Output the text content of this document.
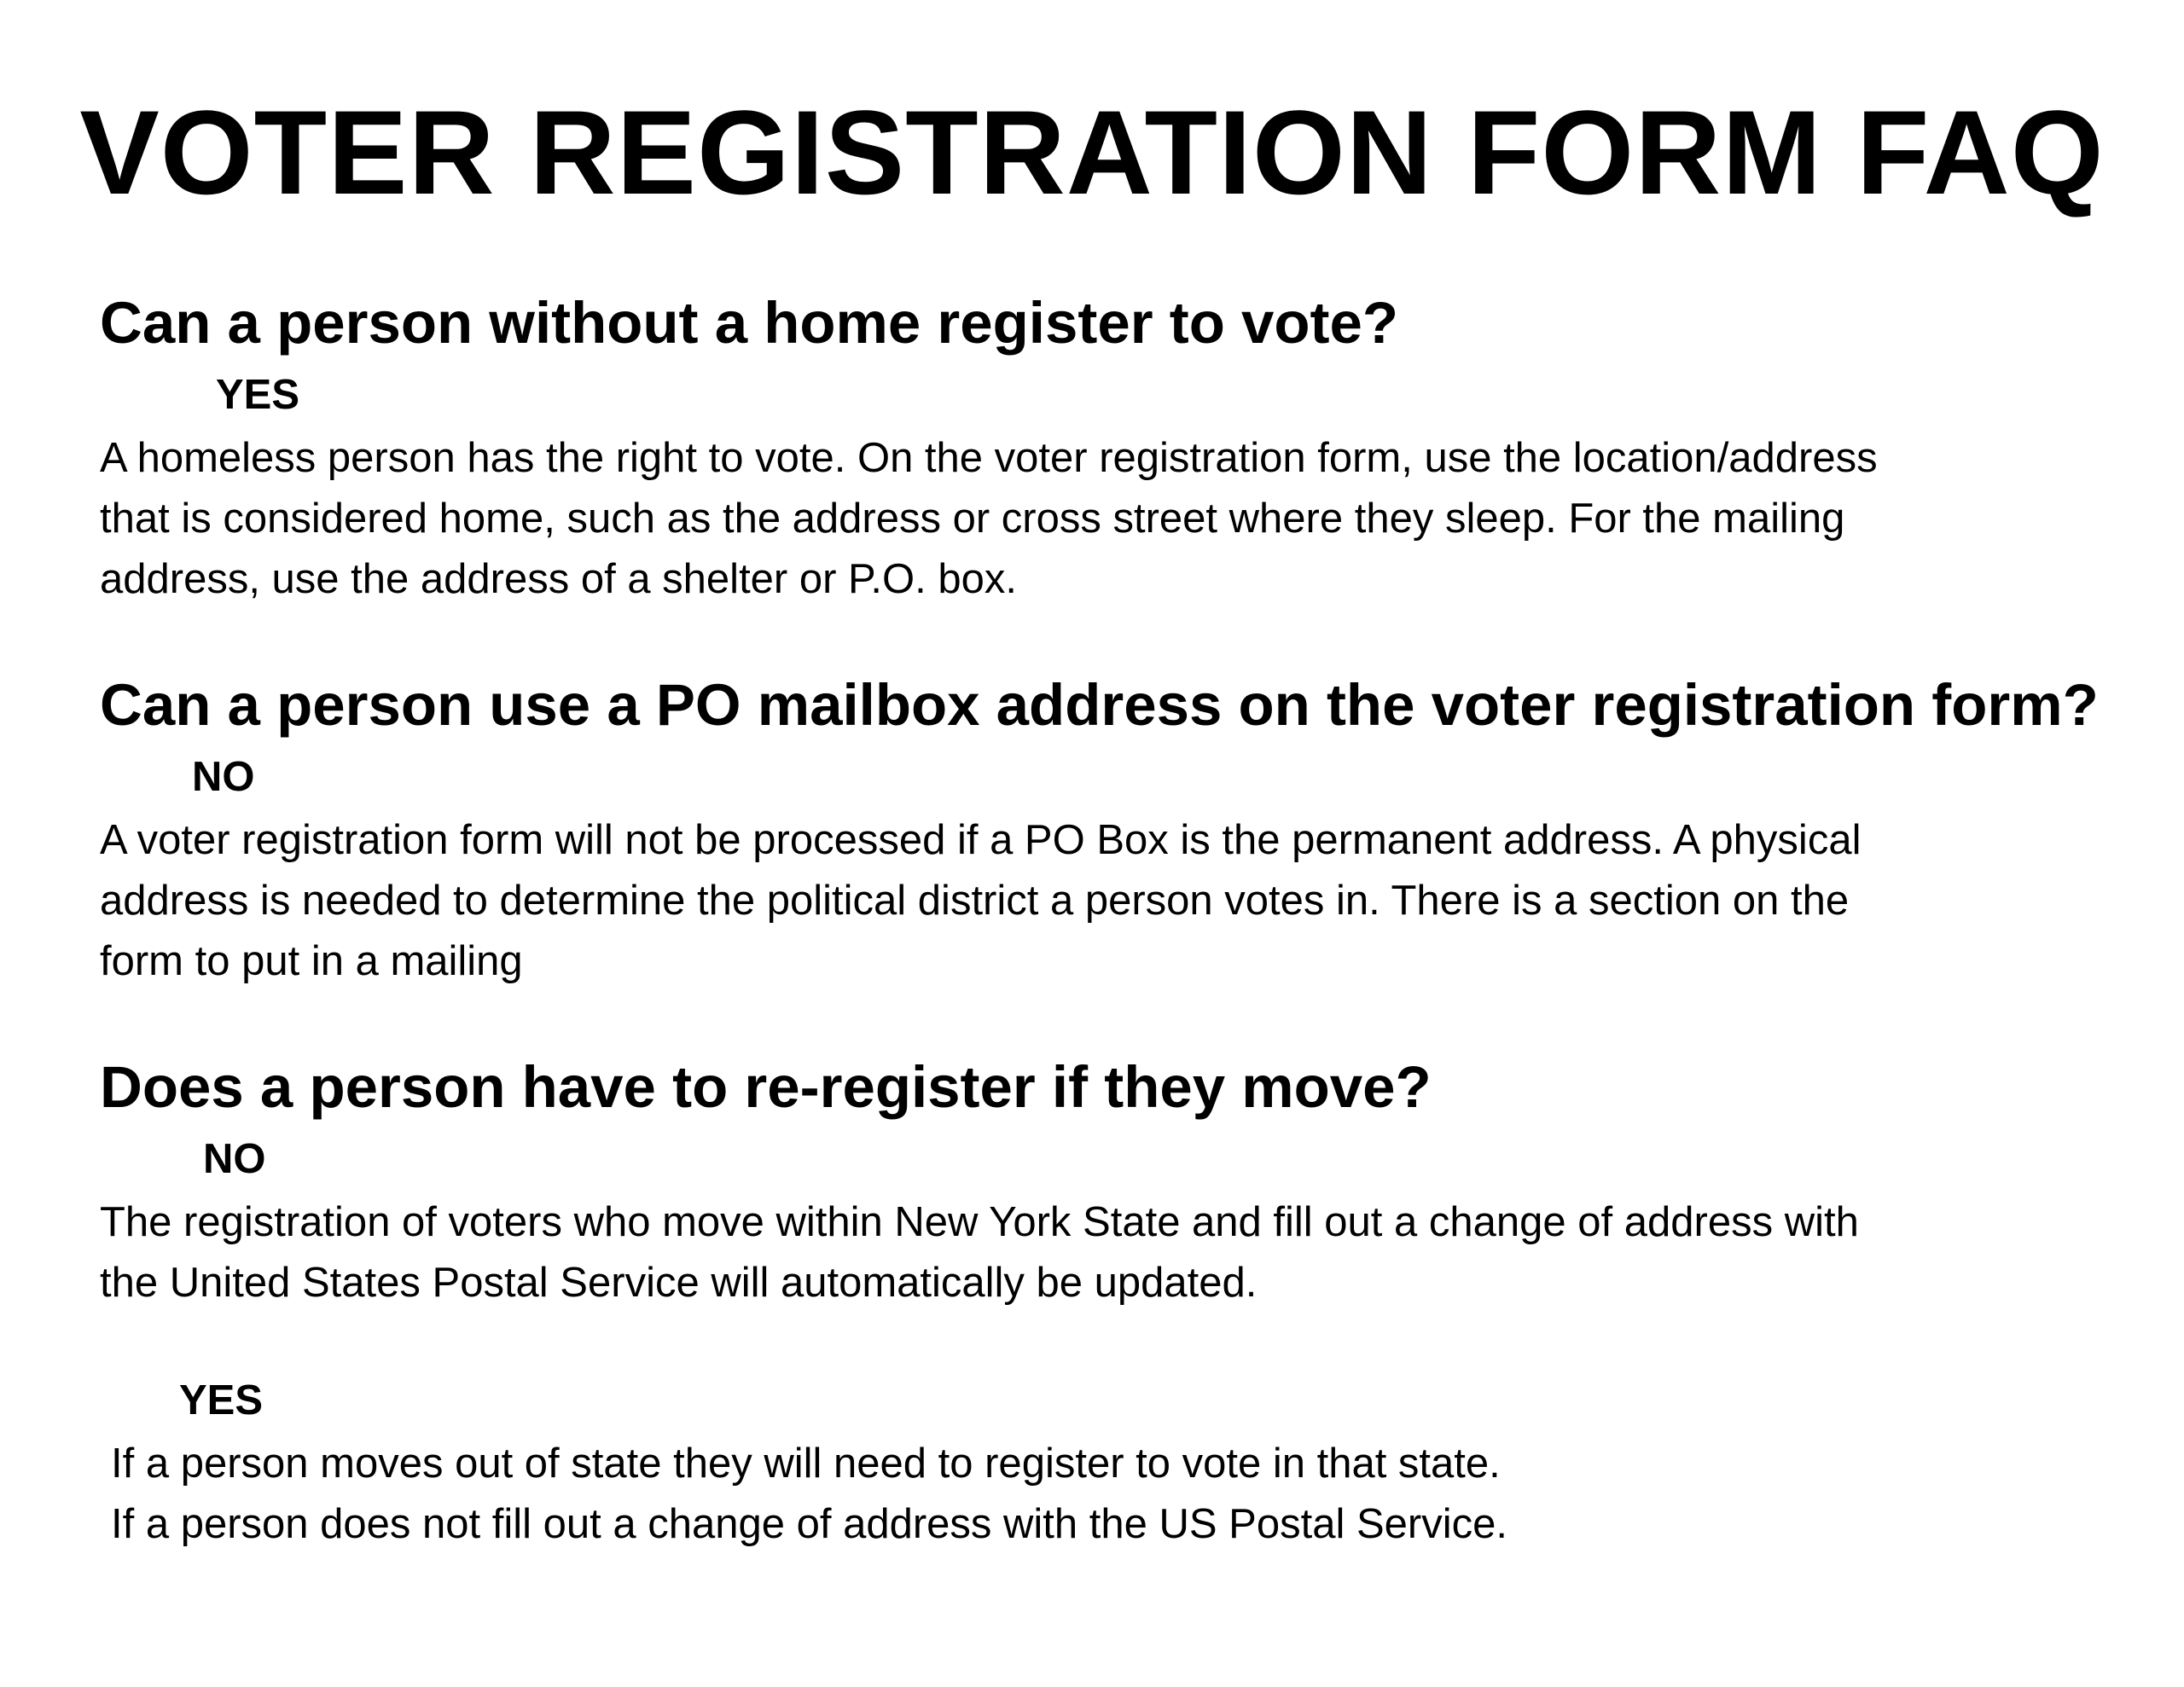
VOTER REGISTRATION FORM FAQ
Can a person without a home register to vote?
YES

A homeless person has the right to vote. On the voter registration form, use the location/address
that is considered home, such as the address or cross street where they sleep. For the mailing
address, use the address of a shelter or P.O. box.

Can a person use a PO mailbox address on the voter registration form?
NO

A voter registration form will not be processed if a PO Box is the permanent address. A physical
address is needed to determine the political district a person votes in. There is a section on the
form to put in a mailing

Does a person have to re-register if they move?
NO

The registration of voters who move within New York State and fill out a change of address with
the United States Postal Service will automatically be updated.

YES

If a person moves out of state they will need to register to vote in that state.
If a person does not fill out a change of address with the US Postal Service.
